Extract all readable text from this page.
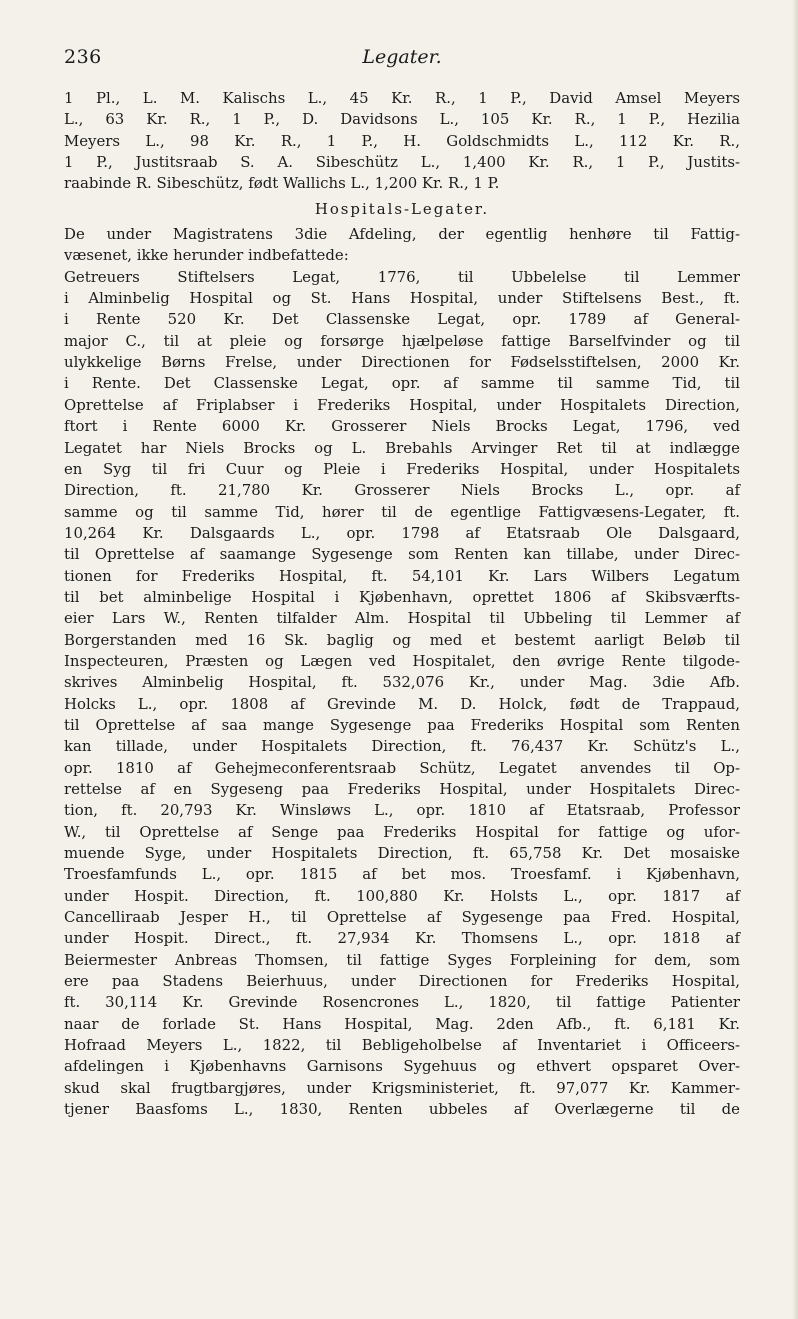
236	Legater.

1 Pl., L. M. Kalischs L., 45 Kr. R., 1 P., David Amsel Meyers

L., 63 Kr. R., 1 P., D. Davidsons L., 105 Kr. R., 1 P., Hezilia

Meyers L., 98 Kr. R., 1 P., H. Goldschmidts L., 112 Kr. R.,

1 P., Justitsraab S. A. Sibeschütz L., 1,400 Kr. R., 1 P., Justits-

raabinde R. Sibeschütz, født Wallichs L., 1,200 Kr. R., 1 P.

Hospitals-Legater.

De under Magistratens 3die Afdeling, der egentlig henhøre til Fattig-

væsenet, ikke herunder indbefattede:

Getreuers Stiftelsers Legat, 1776, til Ubbelelse til Lemmer

i Alminbelig Hospital og St. Hans Hospital, under Stiftelsens Best., ft.

i Rente 520 Kr. Det Classenske Legat, opr. 1789 af General-

major C., til at pleie og forsørge hjælpeløse fattige Barselfvinder og til

ulykkelige Børns Frelse, under Directionen for Fødselsstiftelsen, 2000 Kr.

i Rente. Det Classenske Legat, opr. af samme til samme Tid, til

Oprettelse af Friplabser i Frederiks Hospital, under Hospitalets Direction,

ftort i Rente 6000 Kr. Grosserer Niels Brocks Legat, 1796, ved

Legatet har Niels Brocks og L. Brebahls Arvinger Ret til at indlægge

en Syg til fri Cuur og Pleie i Frederiks Hospital, under Hospitalets

Direction, ft. 21,780 Kr. Grosserer Niels Brocks L., opr. af

samme og til samme Tid, hører til de egentlige Fattigvæsens-Legater, ft.

10,264 Kr. Dalsgaards L., opr. 1798 af Etatsraab Ole Dalsgaard,

til Oprettelse af saamange Sygesenge som Renten kan tillabe, under Direc-

tionen for Frederiks Hospital, ft. 54,101 Kr. Lars Wilbers Legatum

til bet alminbelige Hospital i Kjøbenhavn, oprettet 1806 af Skibsværfts-

eier Lars W., Renten tilfalder Alm. Hospital til Ubbeling til Lemmer af

Borgerstanden med 16 Sk. baglig og med et bestemt aarligt Beløb til

Inspecteuren, Præsten og Lægen ved Hospitalet, den øvrige Rente tilgode-

skrives Alminbelig Hospital, ft. 532,076 Kr., under Mag. 3die Afb.

Holcks L., opr. 1808 af Grevinde M. D. Holck, født de Trappaud,

til Oprettelse af saa mange Sygesenge paa Frederiks Hospital som Renten

kan tillade, under Hospitalets Direction, ft. 76,437 Kr. Schütz's L.,

opr. 1810 af Gehejmeconferentsraab Schütz, Legatet anvendes til Op-

rettelse af en Sygeseng paa Frederiks Hospital, under Hospitalets Direc-

tion, ft. 20,793 Kr. Winsløws L., opr. 1810 af Etatsraab, Professor

W., til Oprettelse af Senge paa Frederiks Hospital for fattige og ufor-

muende Syge, under Hospitalets Direction, ft. 65,758 Kr. Det mosaiske

Troesfamfunds L., opr. 1815 af bet mos. Troesfamf. i Kjøbenhavn,

under Hospit. Direction, ft. 100,880 Kr. Holsts L., opr. 1817 af

Cancelliraab Jesper H., til Oprettelse af Sygesenge paa Fred. Hospital,

under Hospit. Direct., ft. 27,934 Kr. Thomsens L., opr. 1818 af

Beiermester Anbreas Thomsen, til fattige Syges Forpleining for dem, som

ere paa Stadens Beierhuus, under Directionen for Frederiks Hospital,

ft. 30,114 Kr. Grevinde Rosencrones L., 1820, til fattige Patienter

naar de forlade St. Hans Hospital, Mag. 2den Afb., ft. 6,181 Kr.

Hofraad Meyers L., 1822, til Bebligeholbelse af Inventariet i Officeers-

afdelingen i Kjøbenhavns Garnisons Sygehuus og ethvert opsparet Over-

skud skal frugtbargjøres, under Krigsministeriet, ft. 97,077 Kr. Kammer-

tjener Baasfoms L., 1830, Renten ubbeles af Overlægerne til de
